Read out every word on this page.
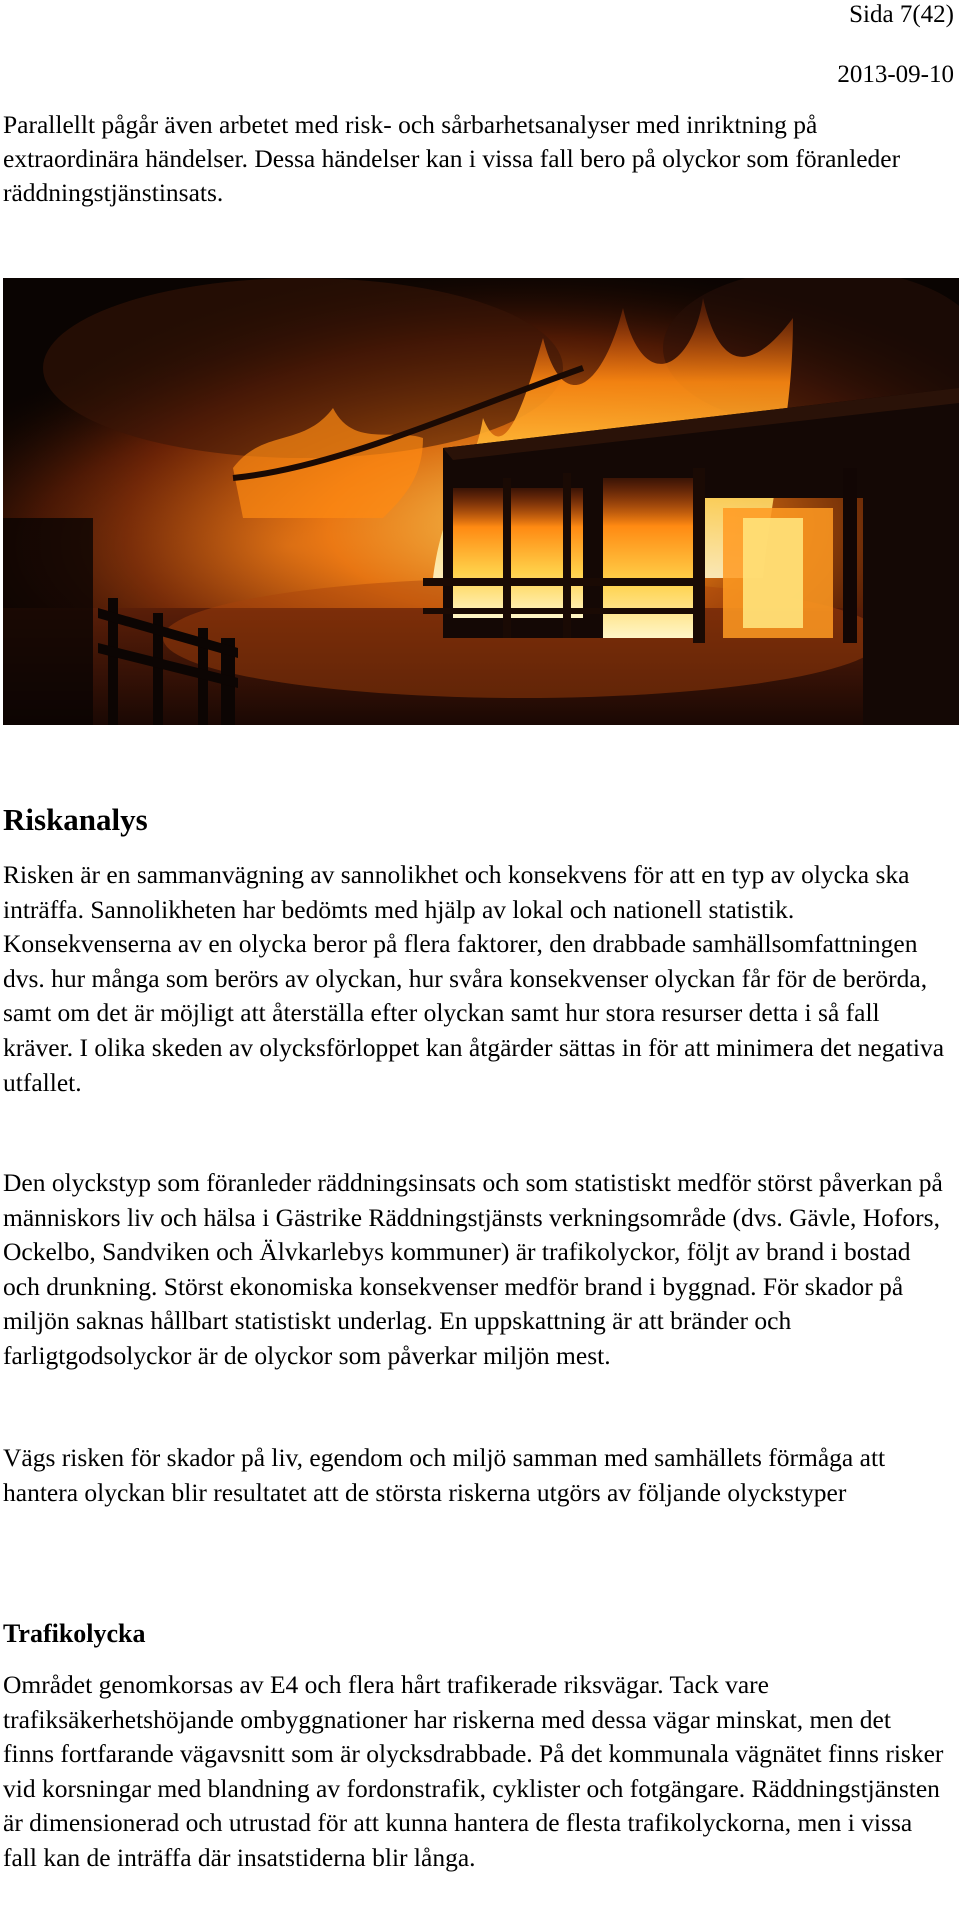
Sida 7(42)
2013-09-10

Parallellt pågår även arbetet med risk- och sårbarhetsanalyser med inriktning på extraordinära händelser. Dessa händelser kan i vissa fall bero på olyckor som föranleder räddningstjänstinsats.

Riskanalys

Risken är en sammanvägning av sannolikhet och konsekvens för att en typ av olycka ska inträffa. Sannolikheten har bedömts med hjälp av lokal och nationell statistik. Konsekvenserna av en olycka beror på flera faktorer, den drabbade samhällsomfattningen dvs. hur många som berörs av olyckan, hur svåra konsekvenser olyckan får för de berörda, samt om det är möjligt att återställa efter olyckan samt hur stora resurser detta i så fall kräver. I olika skeden av olycksförloppet kan åtgärder sättas in för att minimera det negativa utfallet.

Den olyckstyp som föranleder räddningsinsats och som statistiskt medför störst påverkan på människors liv och hälsa i Gästrike Räddningstjänsts verkningsområde (dvs. Gävle, Hofors, Ockelbo, Sandviken och Älvkarlebys kommuner) är trafikolyckor, följt av brand i bostad och drunkning. Störst ekonomiska konsekvenser medför brand i byggnad. För skador på miljön saknas hållbart statistiskt underlag. En uppskattning är att bränder och farligtgodsolyckor är de olyckor som påverkar miljön mest.

Vägs risken för skador på liv, egendom och miljö samman med samhällets förmåga att hantera olyckan blir resultatet att de största riskerna utgörs av följande olyckstyper

Trafikolycka

Området genomkorsas av E4 och flera hårt trafikerade riksvägar. Tack vare trafiksäkerhetshöjande ombyggnationer har riskerna med dessa vägar minskat, men det finns fortfarande vägavsnitt som är olycksdrabbade. På det kommunala vägnätet finns risker vid korsningar med blandning av fordonstrafik, cyklister och fotgängare. Räddningstjänsten är dimensionerad och utrustad för att kunna hantera de flesta trafikolyckorna, men i vissa fall kan de inträffa där insatstiderna blir långa.
